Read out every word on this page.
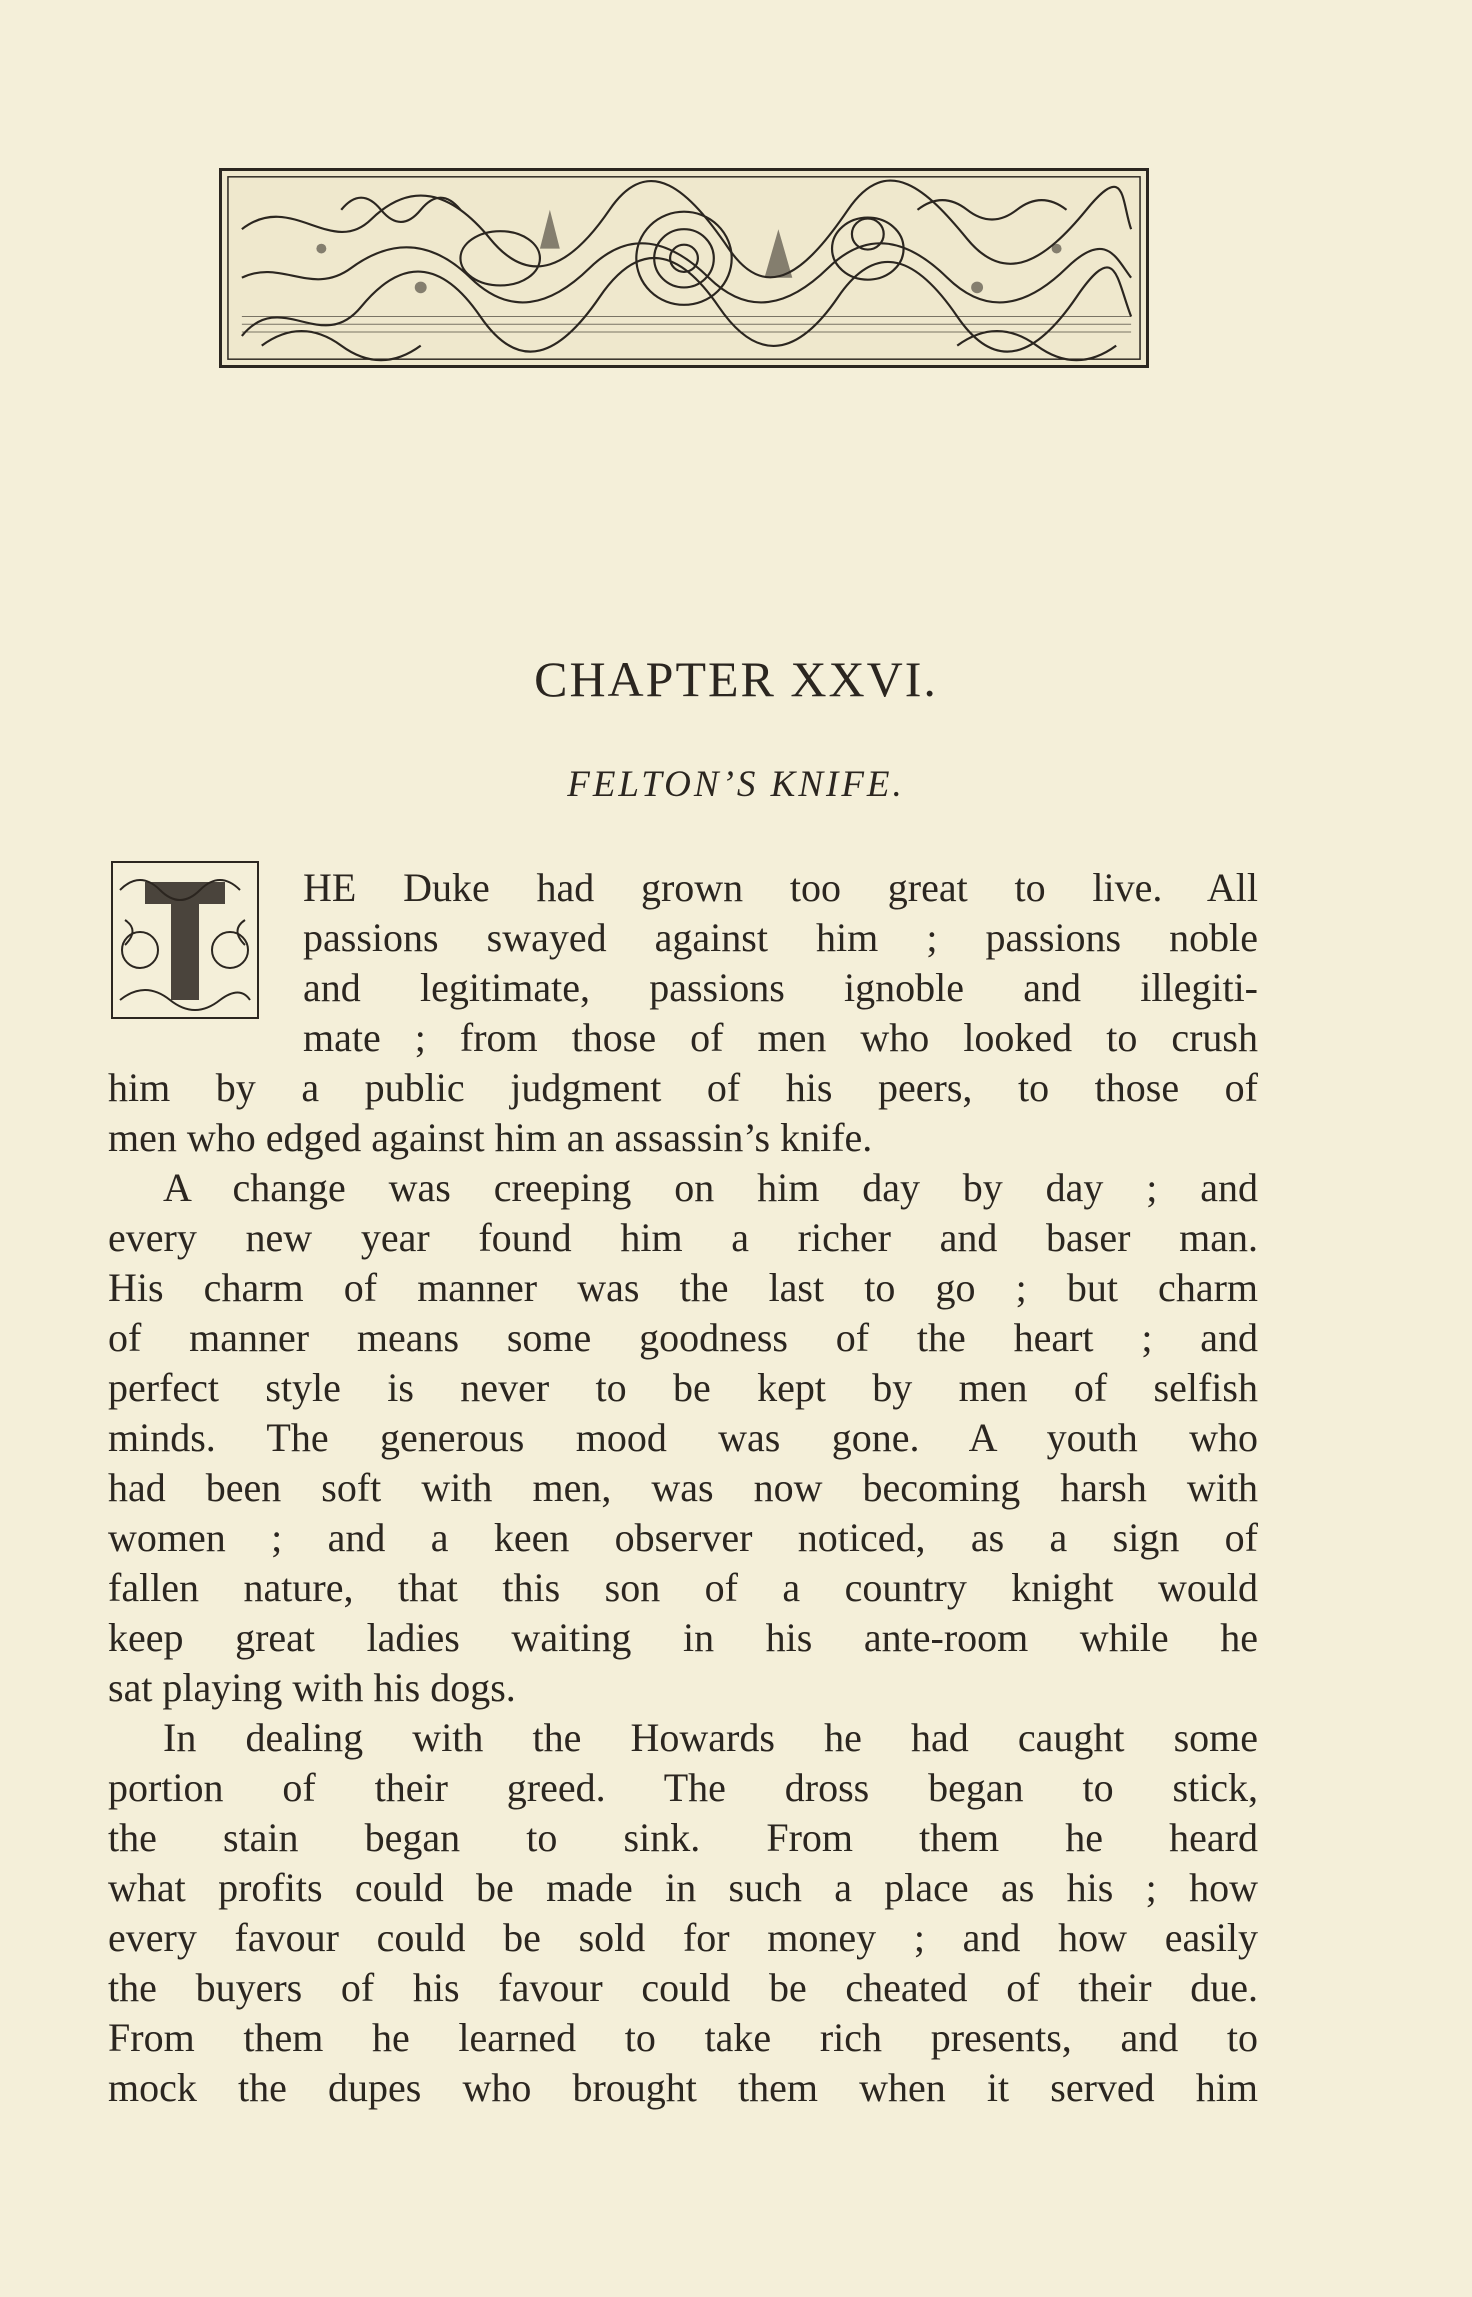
CHAPTER XXVI.
FELTON’S KNIFE.
HE Duke had grown too great to live. All
passions swayed against him ; passions noble
and legitimate, passions ignoble and illegiti-
mate ; from those of men who looked to crush
him by a public judgment of his peers, to those of
men who edged against him an assassin’s knife.
A change was creeping on him day by day ; and
every new year found him a richer and baser man.
His charm of manner was the last to go ; but charm
of manner means some goodness of the heart ; and
perfect style is never to be kept by men of selfish
minds. The generous mood was gone. A youth who
had been soft with men, was now becoming harsh with
women ; and a keen observer noticed, as a sign of
fallen nature, that this son of a country knight would
keep great ladies waiting in his ante-room while he
sat playing with his dogs.
In dealing with the Howards he had caught some
portion of their greed. The dross began to stick,
the stain began to sink. From them he heard
what profits could be made in such a place as his ; how
every favour could be sold for money ; and how easily
the buyers of his favour could be cheated of their due.
From them he learned to take rich presents, and to
mock the dupes who brought them when it served him
